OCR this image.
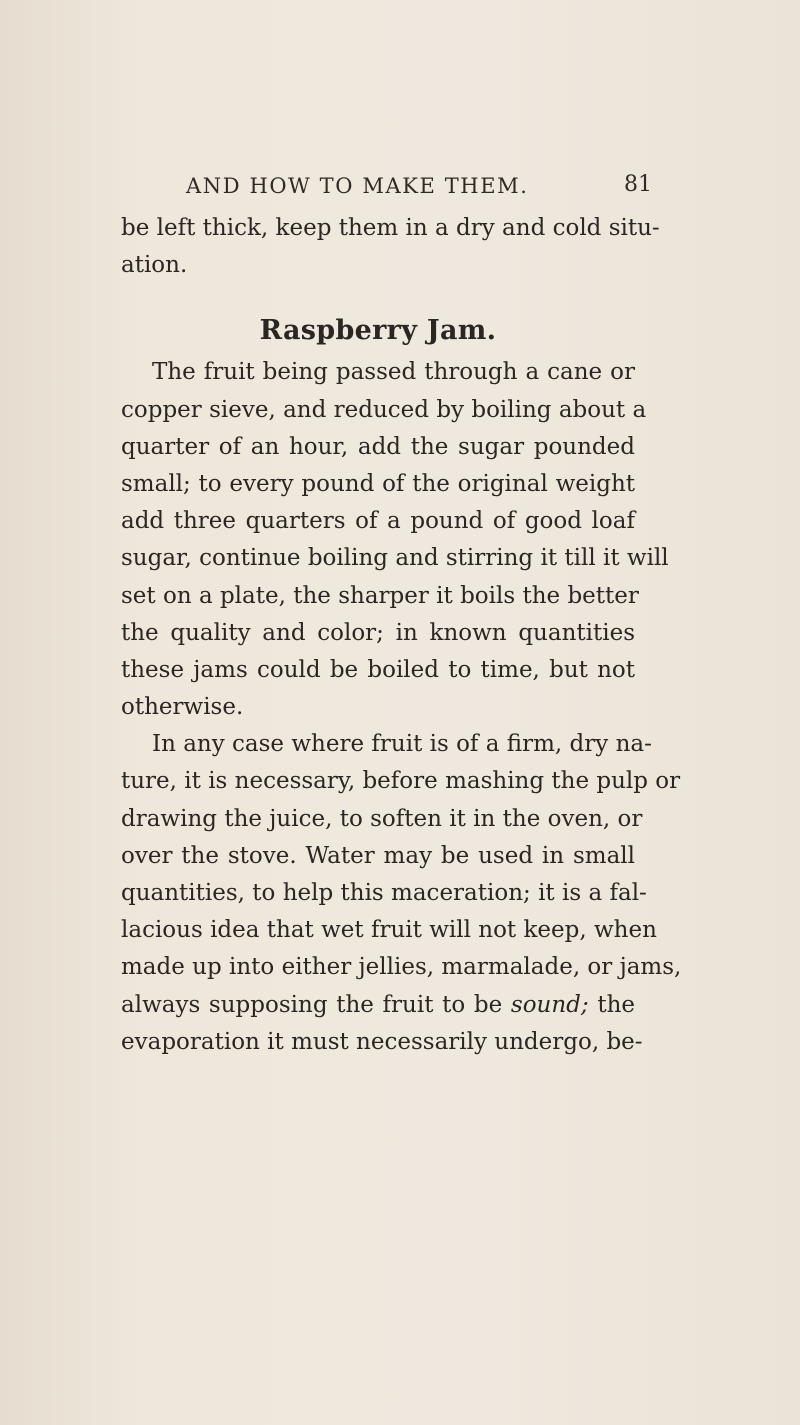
AND HOW TO MAKE THEM.	81
be left thick, keep them in a dry and cold situ-
ation.
Raspberry Jam.
The fruit being passed through a cane or
copper sieve, and reduced by boiling about a
quarter of an hour, add the sugar pounded
small; to every pound of the original weight
add three quarters of a pound of good loaf
sugar, continue boiling and stirring it till it will
set on a plate, the sharper it boils the better
the quality and color; in known quantities
these jams could be boiled to time, but not
otherwise.
In any case where fruit is of a firm, dry na-
ture, it is necessary, before mashing the pulp or
drawing the juice, to soften it in the oven, or
over the stove. Water may be used in small
quantities, to help this maceration; it is a fal-
lacious idea that wet fruit will not keep, when
made up into either jellies, marmalade, or jams,
always supposing the fruit to be sound; the
evaporation it must necessarily undergo, be-
